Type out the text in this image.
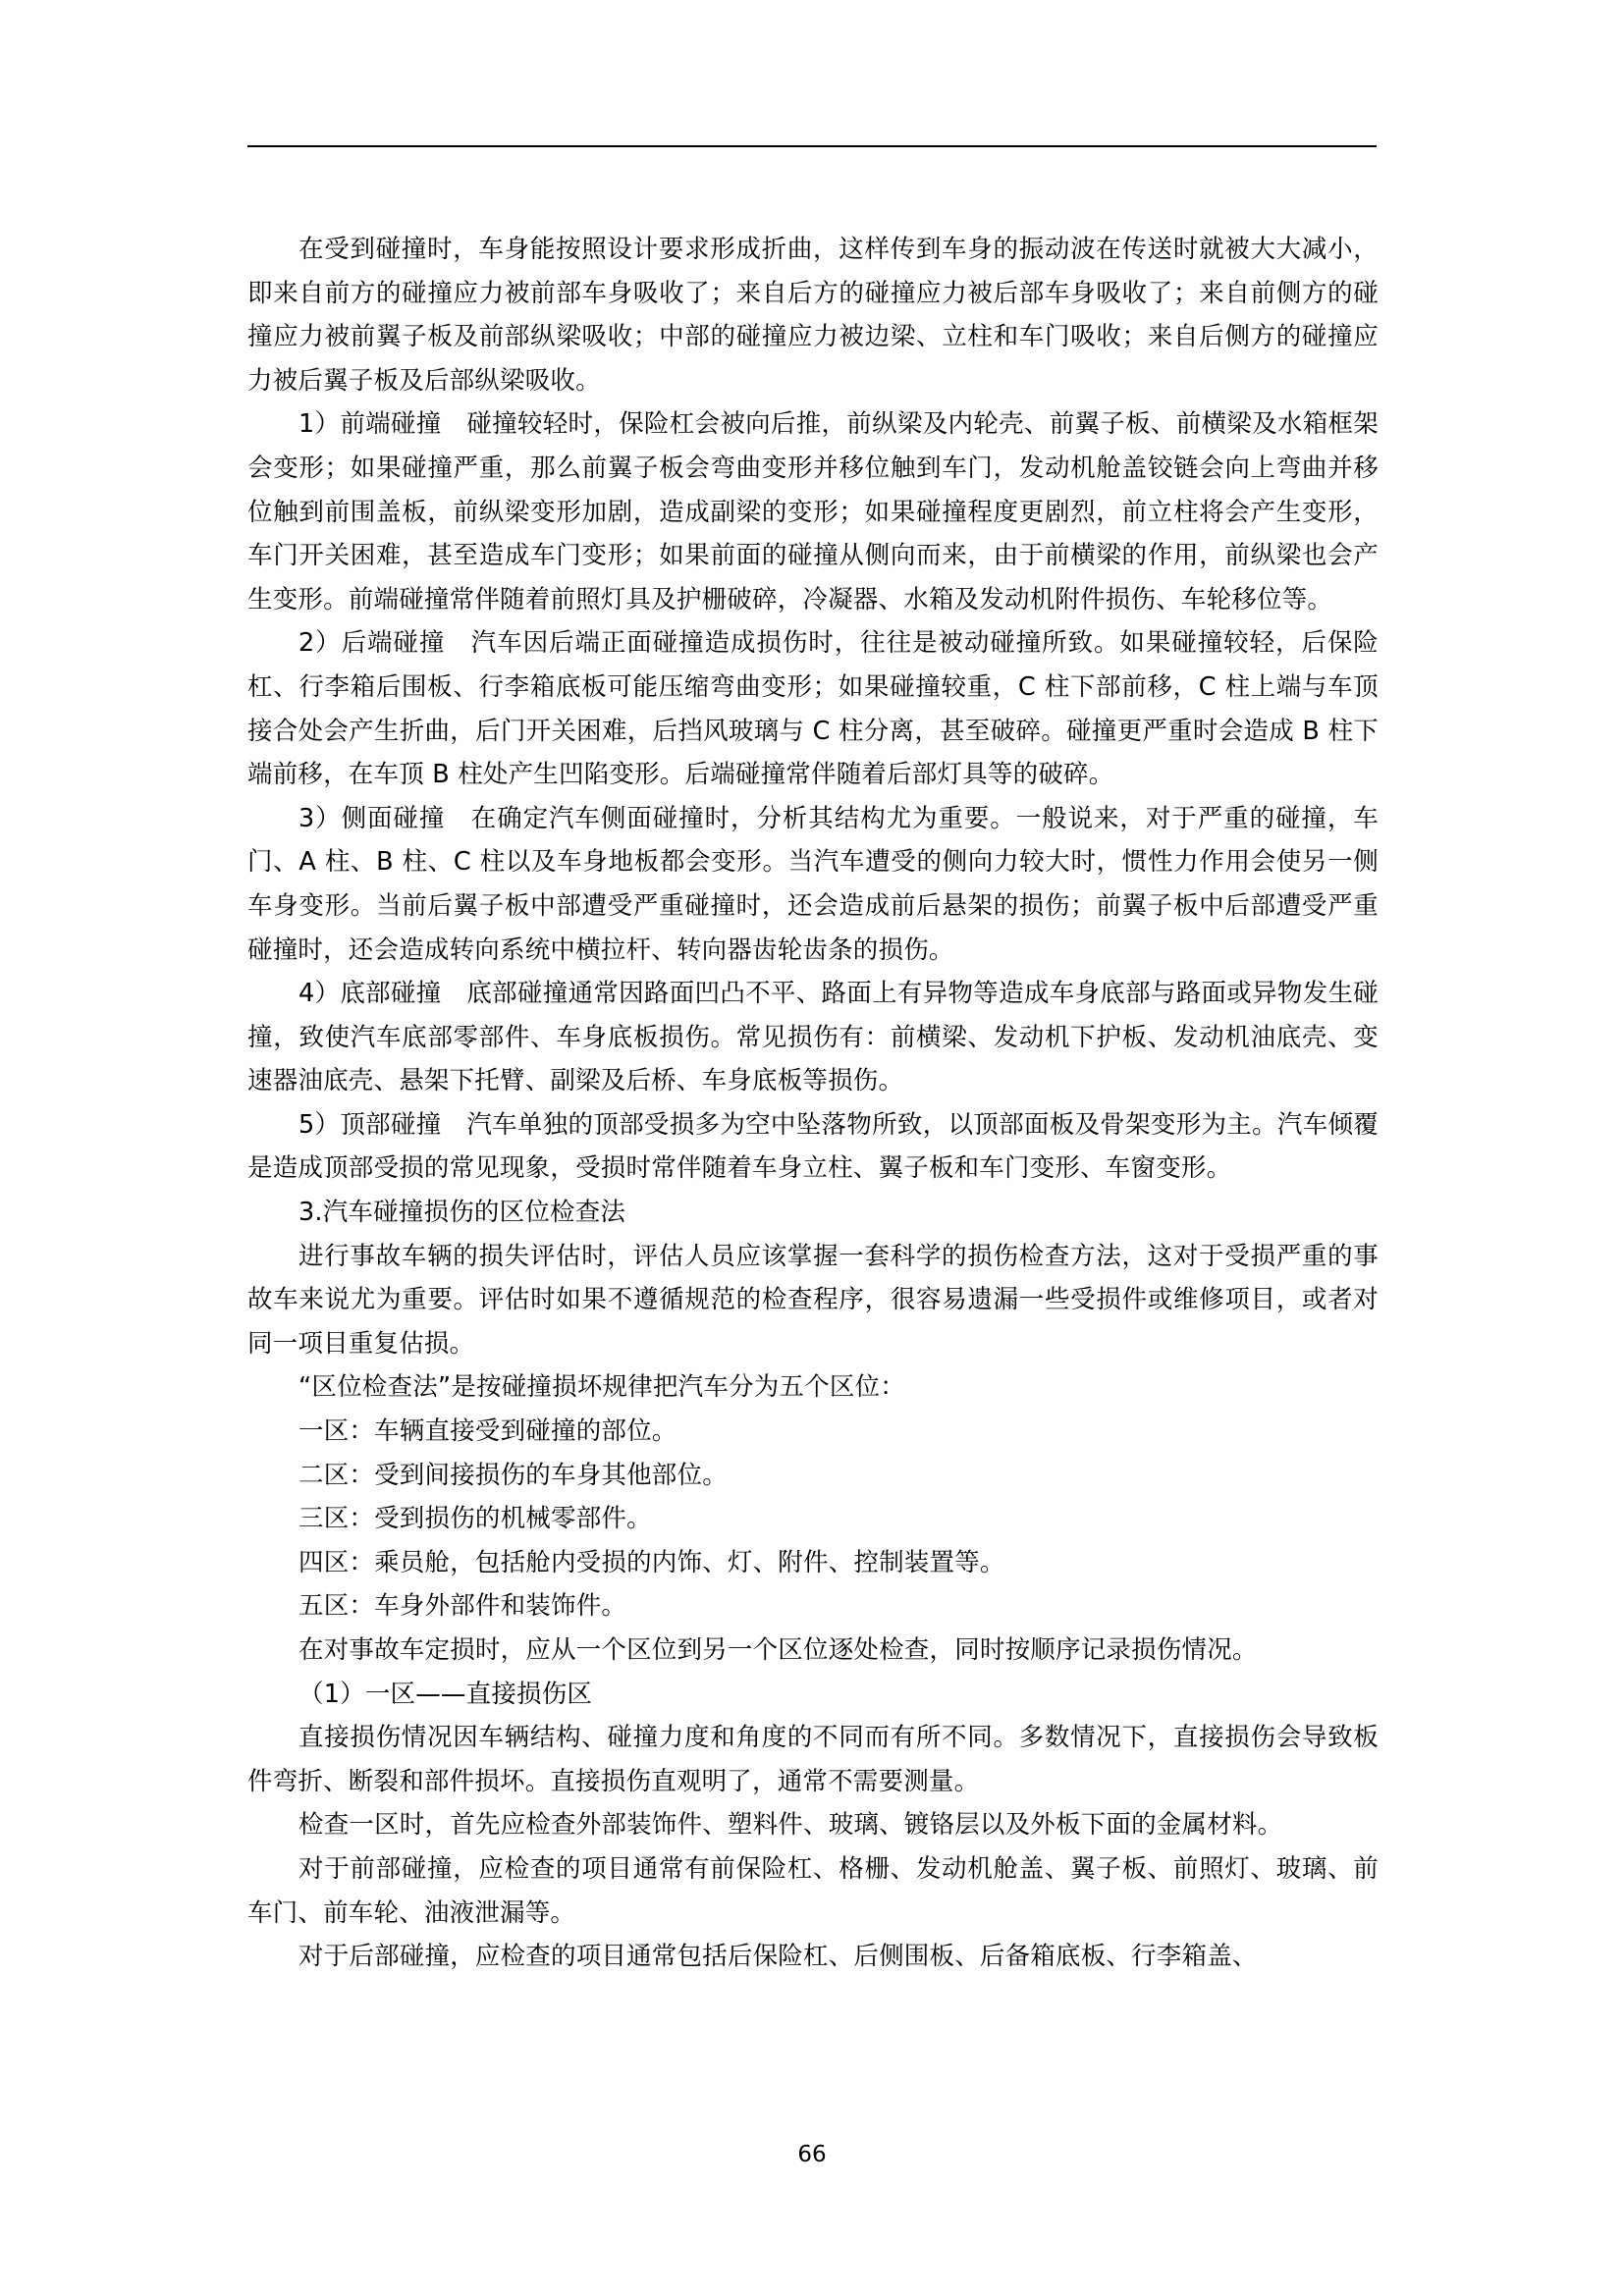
在受到碰撞时，车身能按照设计要求形成折曲，这样传到车身的振动波在传送时就被大大减小，即来自前方的碰撞应力被前部车身吸收了；来自后方的碰撞应力被后部车身吸收了；来自前侧方的碰撞应力被前翼子板及前部纵梁吸收；中部的碰撞应力被边梁、立柱和车门吸收；来自后侧方的碰撞应力被后翼子板及后部纵梁吸收。

1）前端碰撞　碰撞较轻时，保险杠会被向后推，前纵梁及内轮壳、前翼子板、前横梁及水箱框架会变形；如果碰撞严重，那么前翼子板会弯曲变形并移位触到车门，发动机舱盖铰链会向上弯曲并移位触到前围盖板，前纵梁变形加剧，造成副梁的变形；如果碰撞程度更剧烈，前立柱将会产生变形，车门开关困难，甚至造成车门变形；如果前面的碰撞从侧向而来，由于前横梁的作用，前纵梁也会产生变形。前端碰撞常伴随着前照灯具及护栅破碎，冷凝器、水箱及发动机附件损伤、车轮移位等。

2）后端碰撞　汽车因后端正面碰撞造成损伤时，往往是被动碰撞所致。如果碰撞较轻，后保险杠、行李箱后围板、行李箱底板可能压缩弯曲变形；如果碰撞较重，C 柱下部前移，C 柱上端与车顶接合处会产生折曲，后门开关困难，后挡风玻璃与 C 柱分离，甚至破碎。碰撞更严重时会造成 B 柱下端前移，在车顶 B 柱处产生凹陷变形。后端碰撞常伴随着后部灯具等的破碎。

3）侧面碰撞　在确定汽车侧面碰撞时，分析其结构尤为重要。一般说来，对于严重的碰撞，车门、A 柱、B 柱、C 柱以及车身地板都会变形。当汽车遭受的侧向力较大时，惯性力作用会使另一侧车身变形。当前后翼子板中部遭受严重碰撞时，还会造成前后悬架的损伤；前翼子板中后部遭受严重碰撞时，还会造成转向系统中横拉杆、转向器齿轮齿条的损伤。

4）底部碰撞　底部碰撞通常因路面凹凸不平、路面上有异物等造成车身底部与路面或异物发生碰撞，致使汽车底部零部件、车身底板损伤。常见损伤有：前横梁、发动机下护板、发动机油底壳、变速器油底壳、悬架下托臂、副梁及后桥、车身底板等损伤。

5）顶部碰撞　汽车单独的顶部受损多为空中坠落物所致，以顶部面板及骨架变形为主。汽车倾覆是造成顶部受损的常见现象，受损时常伴随着车身立柱、翼子板和车门变形、车窗变形。

3.汽车碰撞损伤的区位检查法

进行事故车辆的损失评估时，评估人员应该掌握一套科学的损伤检查方法，这对于受损严重的事故车来说尤为重要。评估时如果不遵循规范的检查程序，很容易遗漏一些受损件或维修项目，或者对同一项目重复估损。

“区位检查法”是按碰撞损坏规律把汽车分为五个区位：

一区：车辆直接受到碰撞的部位。

二区：受到间接损伤的车身其他部位。

三区：受到损伤的机械零部件。

四区：乘员舱，包括舱内受损的内饰、灯、附件、控制装置等。

五区：车身外部件和装饰件。

在对事故车定损时，应从一个区位到另一个区位逐处检查，同时按顺序记录损伤情况。

（1）一区——直接损伤区

直接损伤情况因车辆结构、碰撞力度和角度的不同而有所不同。多数情况下，直接损伤会导致板件弯折、断裂和部件损坏。直接损伤直观明了，通常不需要测量。

检查一区时，首先应检查外部装饰件、塑料件、玻璃、镀铬层以及外板下面的金属材料。

对于前部碰撞，应检查的项目通常有前保险杠、格栅、发动机舱盖、翼子板、前照灯、玻璃、前车门、前车轮、油液泄漏等。

对于后部碰撞，应检查的项目通常包括后保险杠、后侧围板、后备箱底板、行李箱盖、

66
